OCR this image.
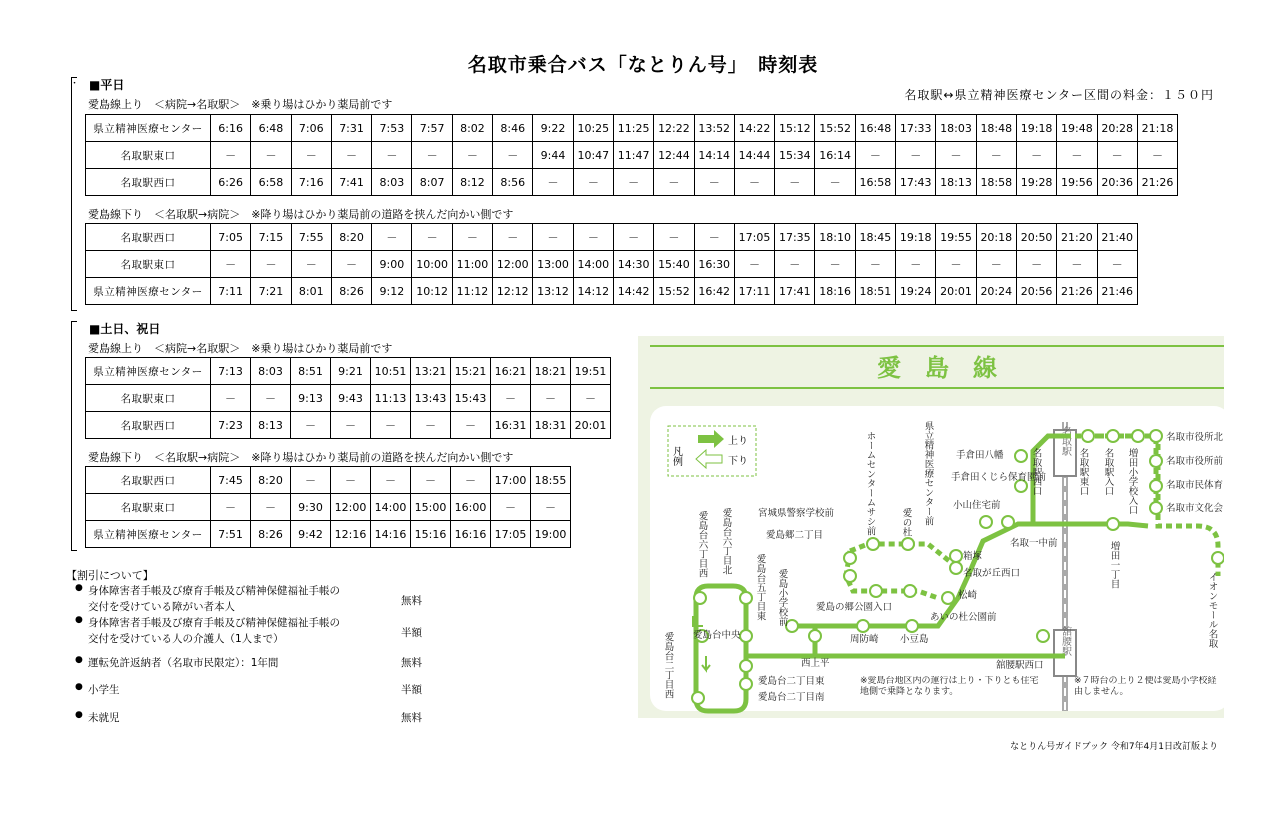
名取市乗合バス「なとりん号」　時刻表
名取駅↔県立精神医療センター区間の料金：１５０円
・ ■平日
愛島線上り　＜病院→名取駅＞　※乗り場はひかり薬局前です
県立精神医療センター	6:16	6:48	7:06	7:31	7:53	7:57	8:02	8:46	9:22	10:25	11:25	12:22	13:52	14:22	15:12	15:52	16:48	17:33	18:03	18:48	19:18	19:48	20:28	21:18
名取駅東口	－	－	－	－	－	－	－	－	9:44	10:47	11:47	12:44	14:14	14:44	15:34	16:14	－	－	－	－	－	－	－	－
名取駅西口	6:26	6:58	7:16	7:41	8:03	8:07	8:12	8:56	－	－	－	－	－	－	－	－	16:58	17:43	18:13	18:58	19:28	19:56	20:36	21:26
愛島線下り　＜名取駅→病院＞　※降り場はひかり薬局前の道路を挟んだ向かい側です
名取駅西口	7:05	7:15	7:55	8:20	－	－	－	－	－	－	－	－	－	17:05	17:35	18:10	18:45	19:18	19:55	20:18	20:50	21:20	21:40
名取駅東口	－	－	－	－	9:00	10:00	11:00	12:00	13:00	14:00	14:30	15:40	16:30	－	－	－	－	－	－	－	－	－	－
県立精神医療センター	7:11	7:21	8:01	8:26	9:12	10:12	11:12	12:12	13:12	14:12	14:42	15:52	16:42	17:11	17:41	18:16	18:51	19:24	20:01	20:24	20:56	21:26	21:46
■土日、祝日
愛島線上り　＜病院→名取駅＞　※乗り場はひかり薬局前です
県立精神医療センター	7:13	8:03	8:51	9:21	10:51	13:21	15:21	16:21	18:21	19:51
名取駅東口	－	－	9:13	9:43	11:13	13:43	15:43	－	－	－
名取駅西口	7:23	8:13	－	－	－	－	－	16:31	18:31	20:01
愛島線下り　＜名取駅→病院＞　※降り場はひかり薬局前の道路を挟んだ向かい側です
名取駅西口	7:45	8:20	－	－	－	－	－	17:00	18:55
名取駅東口	－	－	9:30	12:00	14:00	15:00	16:00	－	－
県立精神医療センター	7:51	8:26	9:42	12:16	14:16	15:16	16:16	17:05	19:00
【割引について】
● 身体障害者手帳及び療育手帳及び精神保健福祉手帳の
交付を受けている障がい者本人	無料
● 身体障害者手帳及び療育手帳及び精神保健福祉手帳の
交付を受けている人の介護人（1人まで）	半額
● 運転免許返納者（名取市民限定）：1年間	無料
● 小学生	半額
● 未就児	無料
愛　島　線
凡例
上り
下り
名取駅
舘腰駅
ホームセンタームサシ前	県立精神医療センター前 手倉田八幡
手倉田くじら保育園前
小山住宅前
宮城県警察学校前
愛島郷二丁目	愛の杜
箱塚
名取が丘西口
松崎
あいの杜公園前
愛島の郷公園入口
周防崎 小豆島
西上平	舘腰駅西口
愛島台六丁目西 愛島台六丁目北
愛島台五丁目東 愛島小学校前
愛島台中央
愛島台二丁目西	愛島台二丁目東
愛島台二丁目南
名取駅西口
名取一中前
名取駅東口 名取駅入口 増田小学校入口
増田一丁目
名取市役所北
名取市役所前
名取市民体育
名取市文化会
イオンモール名取
※愛島台地区内の運行は上り・下りとも住宅地側で乗降となります。
※７時台の上り２便は愛島小学校経由しません。
なとりん号ガイドブック 令和7年4月1日改訂版より
